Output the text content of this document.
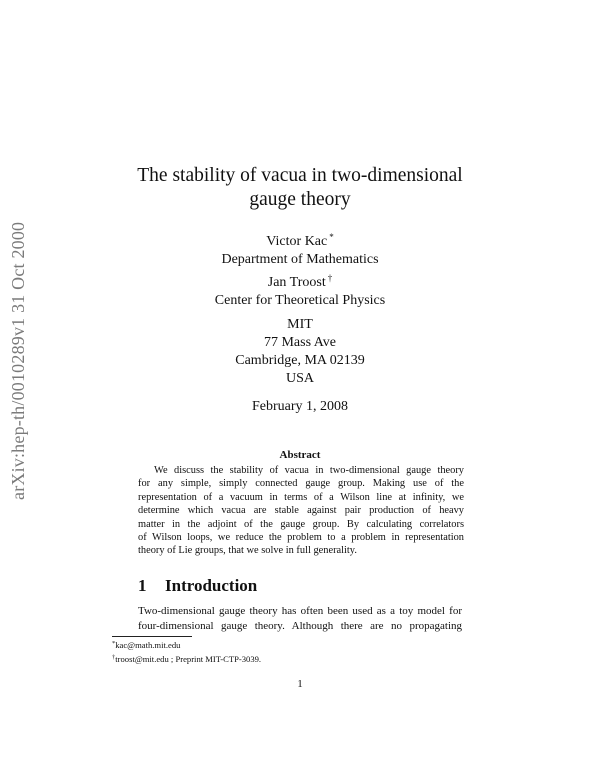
arXiv:hep-th/0010289v1 31 Oct 2000
The stability of vacua in two-dimensional
gauge theory
Victor Kac *
Department of Mathematics
Jan Troost †
Center for Theoretical Physics
MIT
77 Mass Ave
Cambridge, MA 02139
USA
February 1, 2008
Abstract
We discuss the stability of vacua in two-dimensional gauge theory
for any simple, simply connected gauge group. Making use of the
representation of a vacuum in terms of a Wilson line at infinity, we
determine which vacua are stable against pair production of heavy
matter in the adjoint of the gauge group. By calculating correlators
of Wilson loops, we reduce the problem to a problem in representation
theory of Lie groups, that we solve in full generality.
1 Introduction
Two-dimensional gauge theory has often been used as a toy model for
four-dimensional gauge theory. Although there are no propagating
*kac@math.mit.edu
†troost@mit.edu ; Preprint MIT-CTP-3039.
1
